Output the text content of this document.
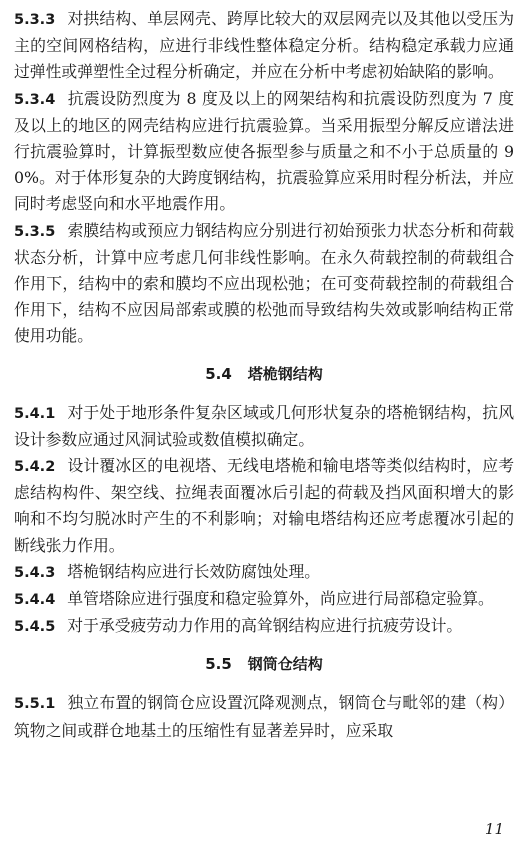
5.3.3 对拱结构、单层网壳、跨厚比较大的双层网壳以及其他以受压为主的空间网格结构，应进行非线性整体稳定分析。结构稳定承载力应通过弹性或弹塑性全过程分析确定，并应在分析中考虑初始缺陷的影响。

5.3.4 抗震设防烈度为 8 度及以上的网架结构和抗震设防烈度为 7 度及以上的地区的网壳结构应进行抗震验算。当采用振型分解反应谱法进行抗震验算时，计算振型数应使各振型参与质量之和不小于总质量的 90%。对于体形复杂的大跨度钢结构，抗震验算应采用时程分析法，并应同时考虑竖向和水平地震作用。

5.3.5 索膜结构或预应力钢结构应分别进行初始预张力状态分析和荷载状态分析，计算中应考虑几何非线性影响。在永久荷载控制的荷载组合作用下，结构中的索和膜均不应出现松弛；在可变荷载控制的荷载组合作用下，结构不应因局部索或膜的松弛而导致结构失效或影响结构正常使用功能。

5.4 塔桅钢结构

5.4.1 对于处于地形条件复杂区域或几何形状复杂的塔桅钢结构，抗风设计参数应通过风洞试验或数值模拟确定。

5.4.2 设计覆冰区的电视塔、无线电塔桅和输电塔等类似结构时，应考虑结构构件、架空线、拉绳表面覆冰后引起的荷载及挡风面积增大的影响和不均匀脱冰时产生的不利影响；对输电塔结构还应考虑覆冰引起的断线张力作用。

5.4.3 塔桅钢结构应进行长效防腐蚀处理。

5.4.4 单管塔除应进行强度和稳定验算外，尚应进行局部稳定验算。

5.4.5 对于承受疲劳动力作用的高耸钢结构应进行抗疲劳设计。

5.5 钢筒仓结构

5.5.1 独立布置的钢筒仓应设置沉降观测点，钢筒仓与毗邻的建（构）筑物之间或群仓地基土的压缩性有显著差异时，应采取

11
